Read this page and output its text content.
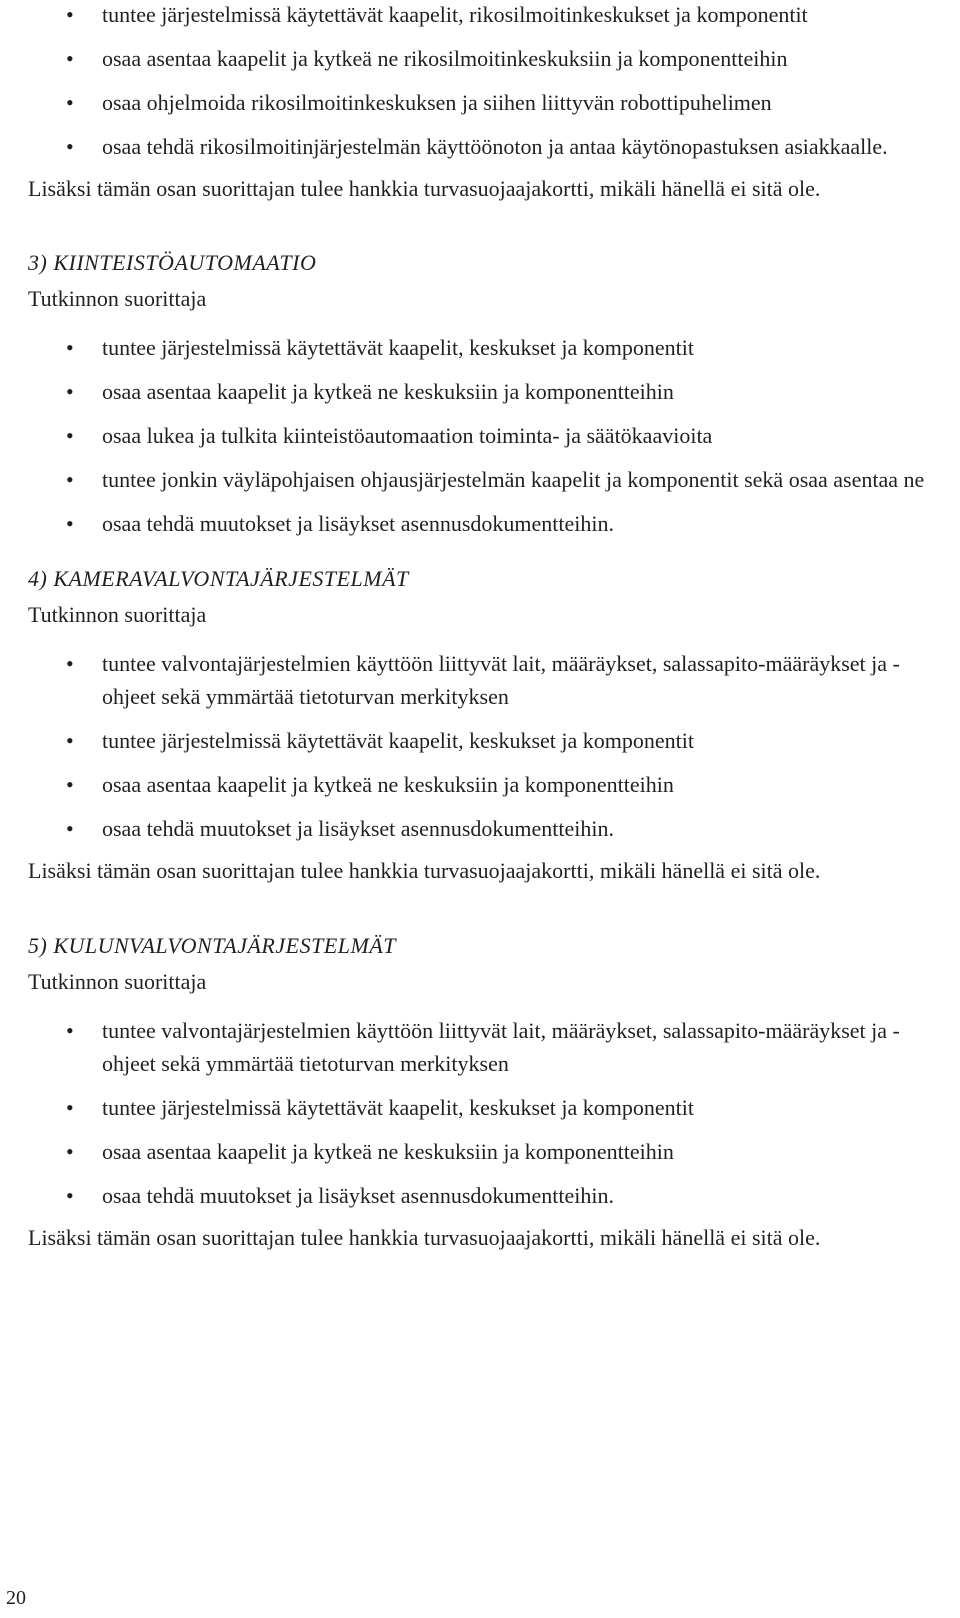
• tuntee järjestelmissä käytettävät kaapelit, rikosilmoitinkeskukset ja komponentit
• osaa asentaa kaapelit ja kytkeä ne rikosilmoitinkeskuksiin ja komponentteihin
• osaa ohjelmoida rikosilmoitinkeskuksen ja siihen liittyvän robottipuhelimen
• osaa tehdä rikosilmoitinjärjestelmän käyttöönoton ja antaa käytönopastuksen asiakkaalle.

Lisäksi tämän osan suorittajan tulee hankkia turvasuojaajakortti, mikäli hänellä ei sitä ole.

3) KIINTEISTÖAUTOMAATIO
Tutkinnon suorittaja
• tuntee järjestelmissä käytettävät kaapelit, keskukset ja komponentit
• osaa asentaa kaapelit ja kytkeä ne keskuksiin ja komponentteihin
• osaa lukea ja tulkita kiinteistöautomaation toiminta- ja säätökaavioita
• tuntee jonkin väyläpohjaisen ohjausjärjestelmän kaapelit ja komponentit sekä osaa asentaa ne
• osaa tehdä muutokset ja lisäykset asennusdokumentteihin.
4) KAMERAVALVONTAJÄRJESTELMÄT
Tutkinnon suorittaja
• tuntee valvontajärjestelmien käyttöön liittyvät lait, määräykset, salassapito-määräykset ja -ohjeet sekä ymmärtää tietoturvan merkityksen
• tuntee järjestelmissä käytettävät kaapelit, keskukset ja komponentit
• osaa asentaa kaapelit ja kytkeä ne keskuksiin ja komponentteihin
• osaa tehdä muutokset ja lisäykset asennusdokumentteihin.

Lisäksi tämän osan suorittajan tulee hankkia turvasuojaajakortti, mikäli hänellä ei sitä ole.

5) KULUNVALVONTAJÄRJESTELMÄT
Tutkinnon suorittaja
• tuntee valvontajärjestelmien käyttöön liittyvät lait, määräykset, salassapito-määräykset ja -ohjeet sekä ymmärtää tietoturvan merkityksen
• tuntee järjestelmissä käytettävät kaapelit, keskukset ja komponentit
• osaa asentaa kaapelit ja kytkeä ne keskuksiin ja komponentteihin
• osaa tehdä muutokset ja lisäykset asennusdokumentteihin.

Lisäksi tämän osan suorittajan tulee hankkia turvasuojaajakortti, mikäli hänellä ei sitä ole.

20
